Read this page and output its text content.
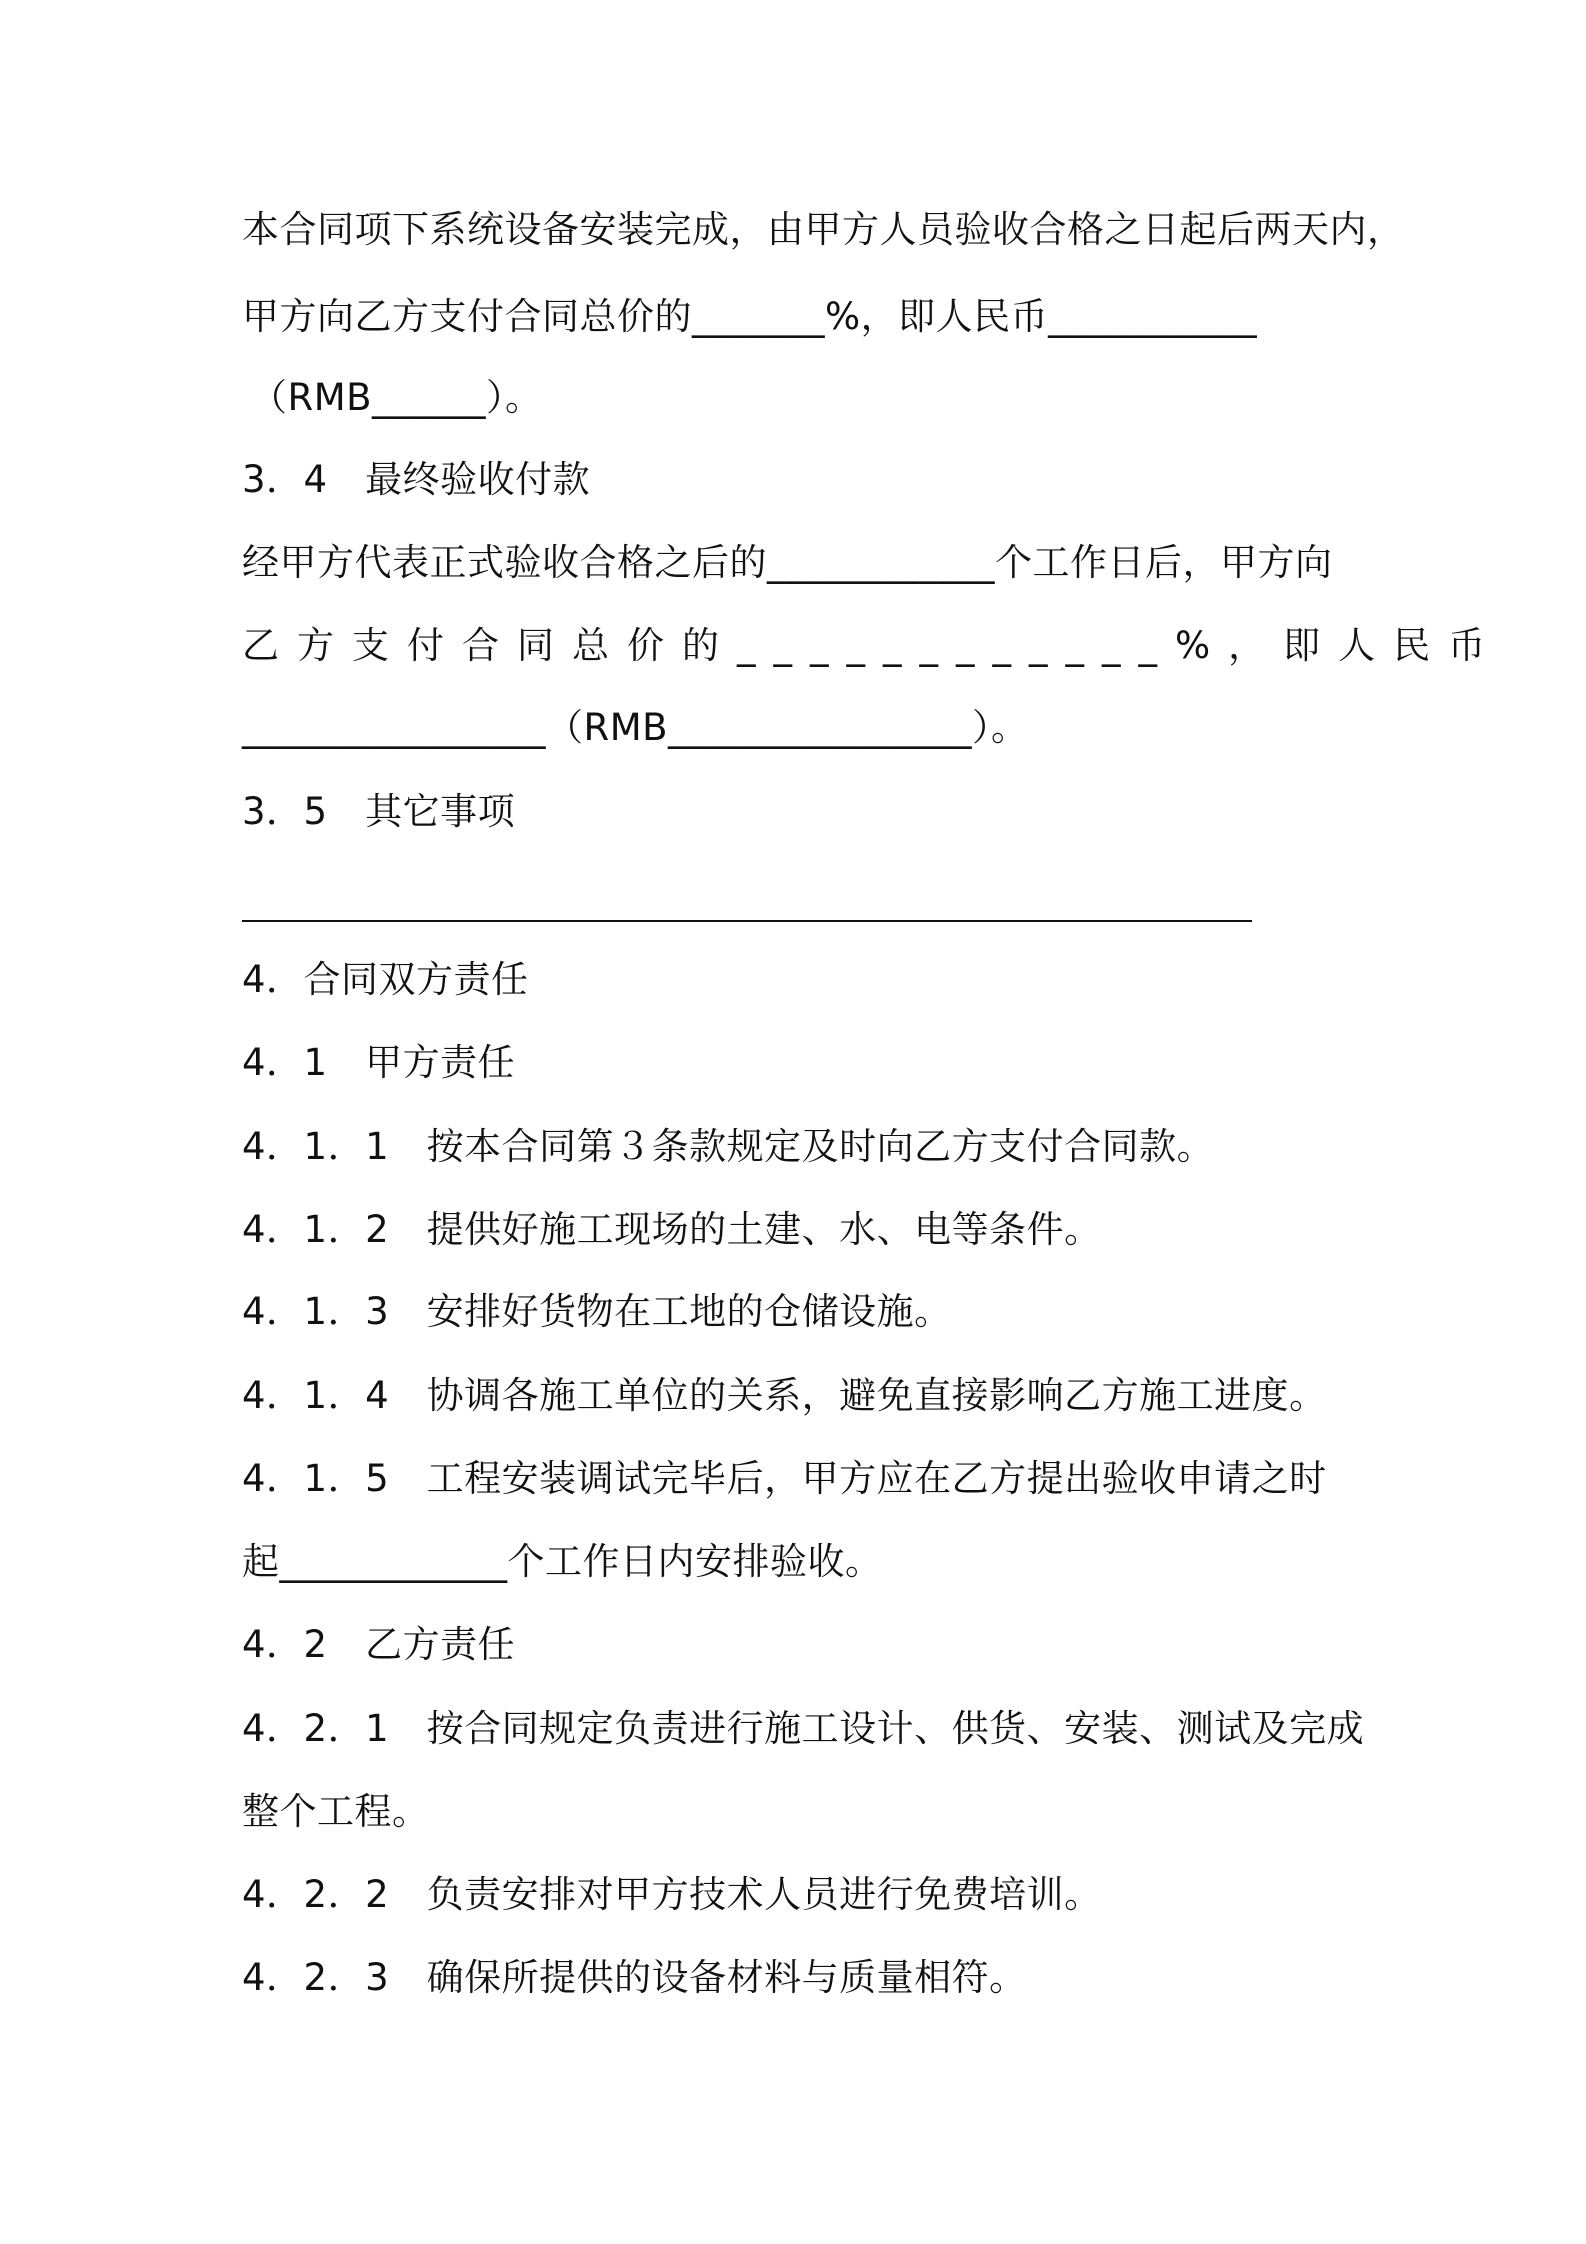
本合同项下系统设备安装完成，由甲方人员验收合格之日起后两天内，
甲方向乙方支付合同总价的_______%，即人民币___________
（RMB______）。
3．4　最终验收付款
经甲方代表正式验收合格之后的____________个工作日后，甲方向
乙方支付合同总价的____________%，即人民币
________________（RMB________________）。
3．5　其它事项
4．合同双方责任
4．1　甲方责任
4．1．1　按本合同第３条款规定及时向乙方支付合同款。
4．1．2　提供好施工现场的土建、水、电等条件。
4．1．3　安排好货物在工地的仓储设施。
4．1．4　协调各施工单位的关系，避免直接影响乙方施工进度。
4．1．5　工程安装调试完毕后，甲方应在乙方提出验收申请之时
起____________个工作日内安排验收。
4．2　乙方责任
4．2．1　按合同规定负责进行施工设计、供货、安装、测试及完成
整个工程。
4．2．2　负责安排对甲方技术人员进行免费培训。
4．2．3　确保所提供的设备材料与质量相符。
